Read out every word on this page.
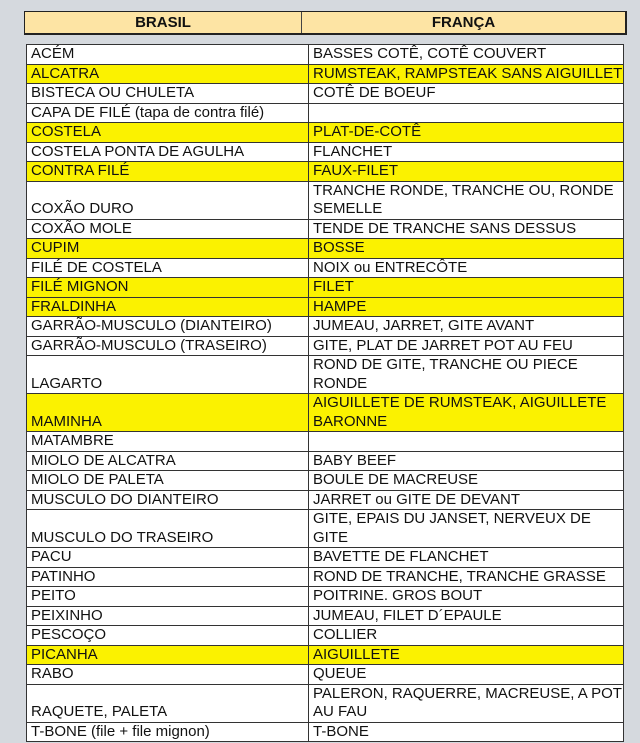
BRASIL	FRANÇA
ACÉM	BASSES COTÊ, COTÊ COUVERT
ALCATRA	RUMSTEAK, RAMPSTEAK SANS AIGUILLET
BISTECA OU CHULETA	COTÊ DE BOEUF
CAPA DE FILÉ (tapa de contra filé)	
COSTELA	PLAT-DE-COTÊ
COSTELA PONTA DE AGULHA	FLANCHET
CONTRA FILÉ	FAUX-FILET
COXÃO DURO	TRANCHE RONDE, TRANCHE OU, RONDE SEMELLE
COXÃO MOLE	TENDE DE TRANCHE SANS DESSUS
CUPIM	BOSSE
FILÉ DE COSTELA	NOIX ou ENTRECÔTE
FILÉ MIGNON	FILET
FRALDINHA	HAMPE
GARRÃO-MUSCULO (DIANTEIRO)	JUMEAU, JARRET, GITE AVANT
GARRÃO-MUSCULO (TRASEIRO)	GITE, PLAT DE JARRET POT AU FEU
LAGARTO	ROND DE GITE, TRANCHE OU PIECE RONDE
MAMINHA	AIGUILLETE DE RUMSTEAK, AIGUILLETE BARONNE
MATAMBRE	
MIOLO DE ALCATRA	BABY BEEF
MIOLO DE PALETA	BOULE DE MACREUSE
MUSCULO DO DIANTEIRO	JARRET ou GITE DE DEVANT
MUSCULO DO TRASEIRO	GITE, EPAIS DU JANSET, NERVEUX DE GITE
PACU	BAVETTE DE FLANCHET
PATINHO	ROND DE TRANCHE, TRANCHE GRASSE
PEITO	POITRINE. GROS BOUT
PEIXINHO	JUMEAU, FILET D´EPAULE
PESCOÇO	COLLIER
PICANHA	AIGUILLETE
RABO	QUEUE
RAQUETE, PALETA	PALERON, RAQUERRE, MACREUSE, A POT AU FAU
T-BONE (file + file mignon)	T-BONE
